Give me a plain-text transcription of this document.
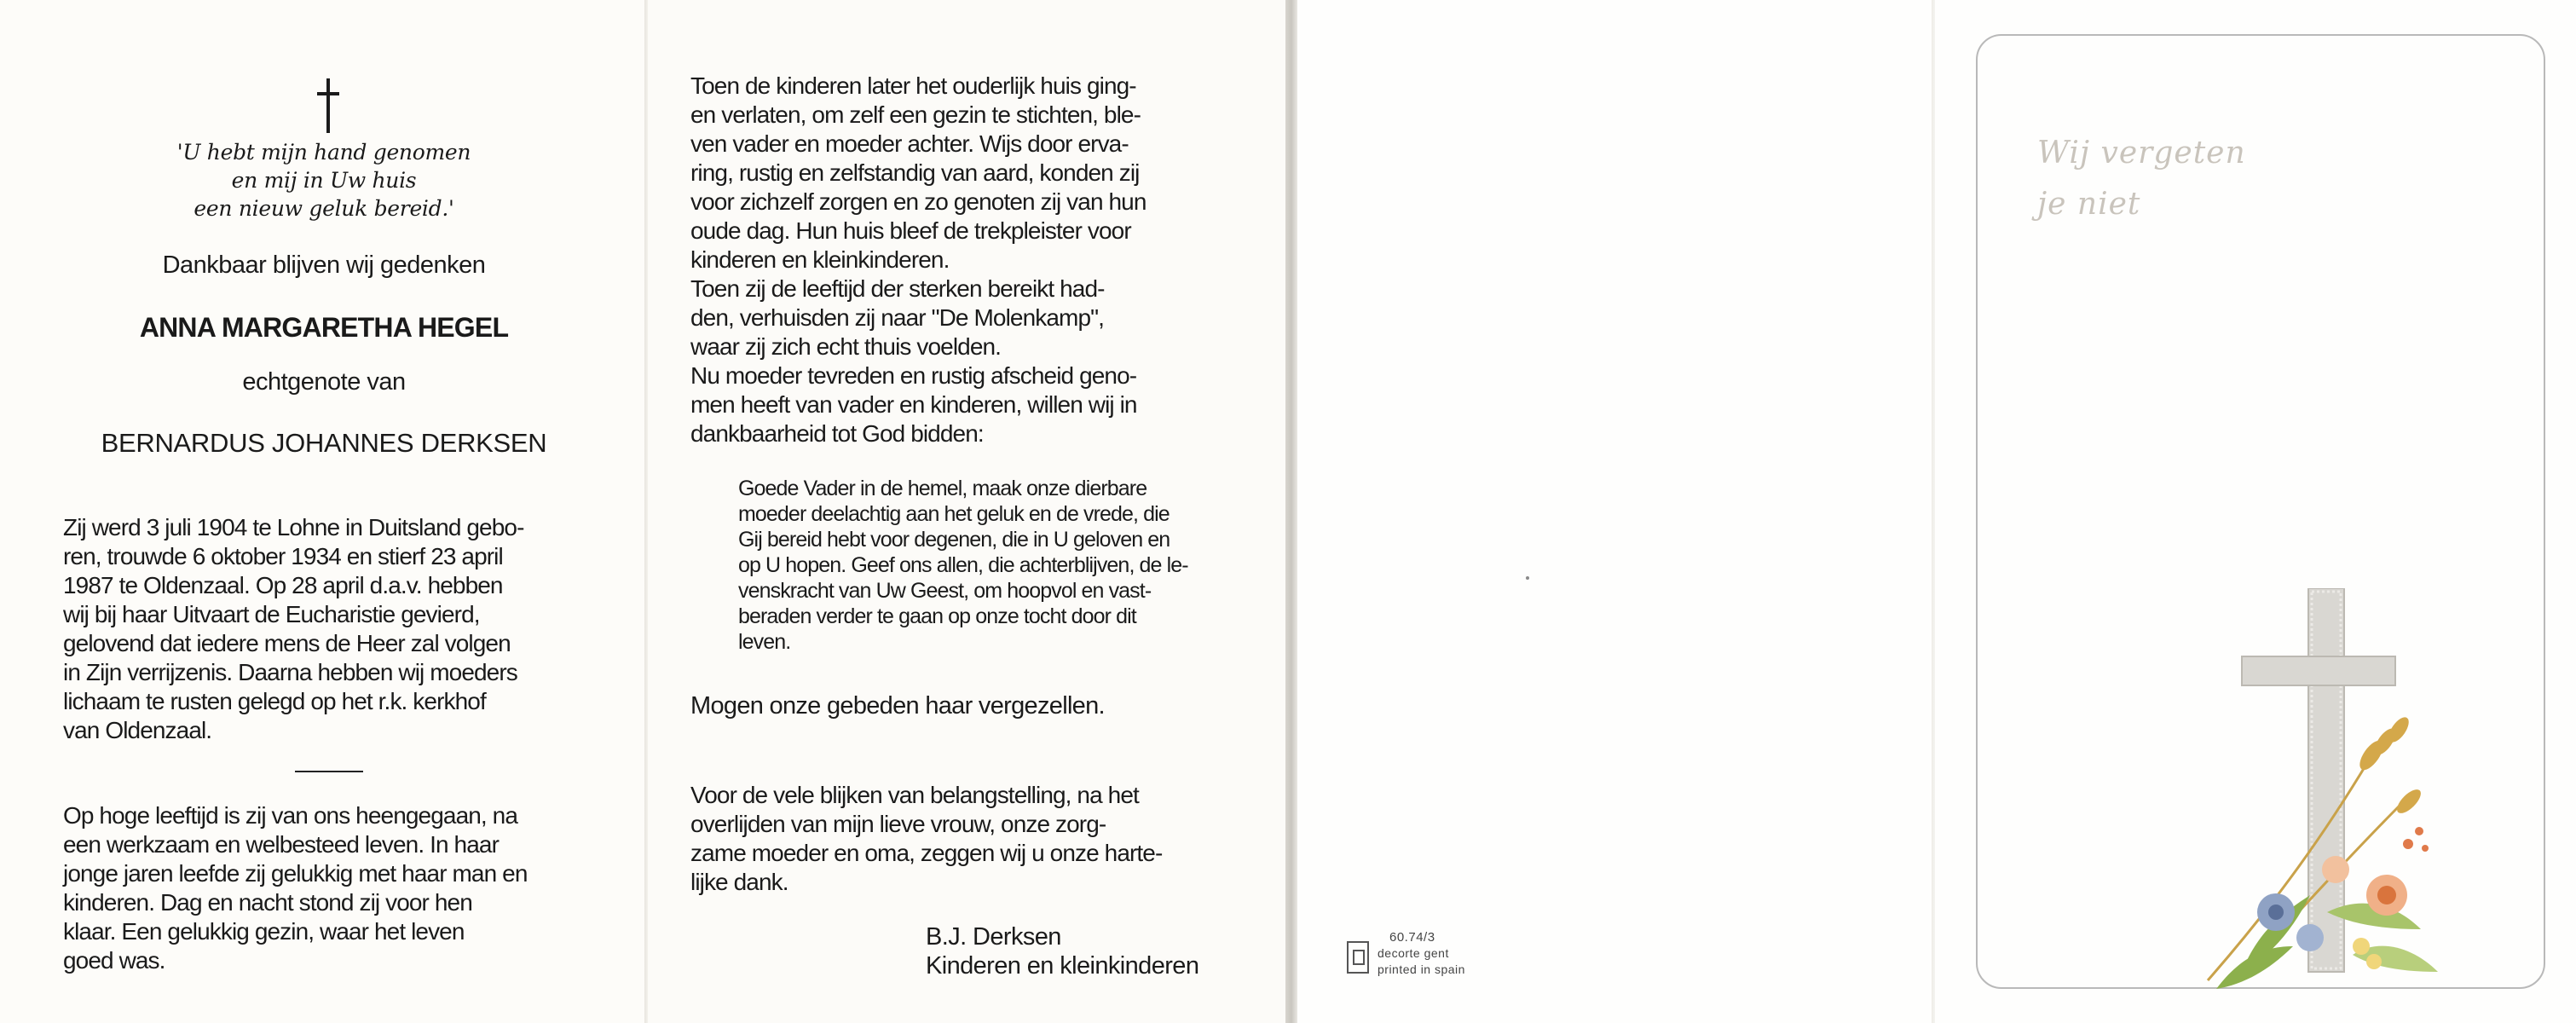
'U hebt mijn hand genomen
en mij in Uw huis
een nieuw geluk bereid.'
Dankbaar blijven wij gedenken
ANNA MARGARETHA HEGEL
echtgenote van
BERNARDUS JOHANNES DERKSEN
Zij werd 3 juli 1904 te Lohne in Duitsland gebo-
ren, trouwde 6 oktober 1934 en stierf 23 april
1987 te Oldenzaal. Op 28 april d.a.v. hebben
wij bij haar Uitvaart de Eucharistie gevierd,
gelovend dat iedere mens de Heer zal volgen
in Zijn verrijzenis. Daarna hebben wij moeders
lichaam te rusten gelegd op het r.k. kerkhof
van Oldenzaal.
Op hoge leeftijd is zij van ons heengegaan, na
een werkzaam en welbesteed leven. In haar
jonge jaren leefde zij gelukkig met haar man en
kinderen. Dag en nacht stond zij voor hen
klaar. Een gelukkig gezin, waar het leven
goed was.
Toen de kinderen later het ouderlijk huis ging-
en verlaten, om zelf een gezin te stichten, ble-
ven vader en moeder achter. Wijs door erva-
ring, rustig en zelfstandig van aard, konden zij
voor zichzelf zorgen en zo genoten zij van hun
oude dag. Hun huis bleef de trekpleister voor
kinderen en kleinkinderen.
Toen zij de leeftijd der sterken bereikt had-
den, verhuisden zij naar "De Molenkamp",
waar zij zich echt thuis voelden.
Nu moeder tevreden en rustig afscheid geno-
men heeft van vader en kinderen, willen wij in
dankbaarheid tot God bidden:
Goede Vader in de hemel, maak onze dierbare
moeder deelachtig aan het geluk en de vrede, die
Gij bereid hebt voor degenen, die in U geloven en
op U hopen. Geef ons allen, die achterblijven, de le-
venskracht van Uw Geest, om hoopvol en vast-
beraden verder te gaan op onze tocht door dit
leven.
Mogen onze gebeden haar vergezellen.
Voor de vele blijken van belangstelling, na het
overlijden van mijn lieve vrouw, onze zorg-
zame moeder en oma, zeggen wij u onze harte-
lijke dank.
B.J. Derksen
Kinderen en kleinkinderen
60.74/3
decorte gent
printed in spain
Wij vergeten
je niet
